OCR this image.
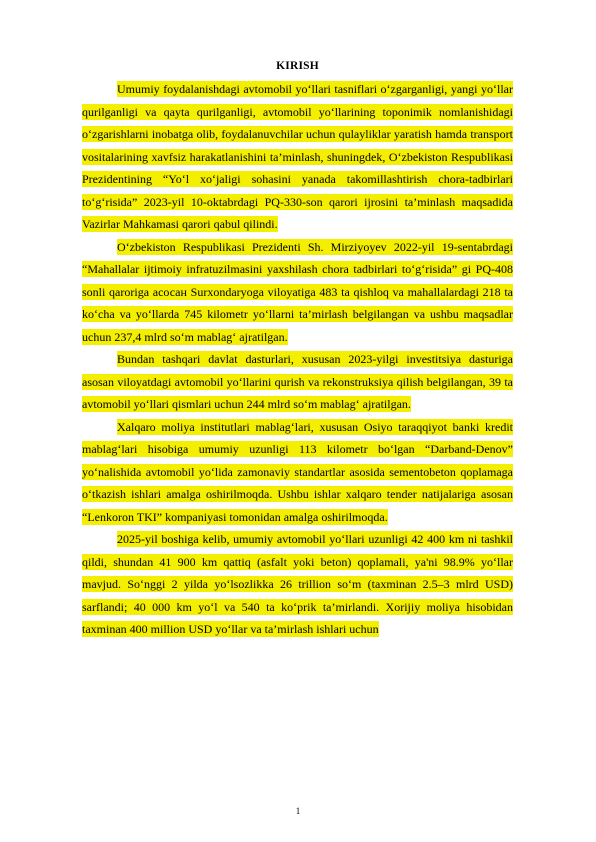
KIRISH

Umumiy foydalanishdagi avtomobil yo‘llari tasniflari o‘zgarganligi, yangi yo‘llar qurilganligi va qayta qurilganligi, avtomobil yo‘llarining toponimik nomlanishidagi o‘zgarishlarni inobatga olib, foydalanuvchilar uchun qulayliklar yaratish hamda transport vositalarining xavfsiz harakatlanishini ta’minlash, shuningdek, O‘zbekiston Respublikasi Prezidentining “Yo‘l xo‘jaligi sohasini yanada takomillashtirish chora-tadbirlari to‘g‘risida” 2023-yil 10-oktabrdagi PQ-330-son qarori ijrosini ta’minlash maqsadida Vazirlar Mahkamasi qarori qabul qilindi.

O‘zbekiston Respublikasi Prezidenti Sh. Mirziyoyev 2022-yil 19-sentabrdagi “Mahallalar ijtimoiy infratuzilmasini yaxshilash chora tadbirlari to‘g‘risida” gi PQ-408 sonli qaroriga асосан Surxondaryoga viloyatiga 483 ta qishloq va mahallalardagi 218 ta ko‘cha va yo‘llarda 745 kilometr yo‘llarni ta’mirlash belgilangan va ushbu maqsadlar uchun 237,4 mlrd so‘m mablag‘ ajratilgan.

Bundan tashqari davlat dasturlari, xususan 2023-yilgi investitsiya dasturiga asosan viloyatdagi avtomobil yo‘llarini qurish va rekonstruksiya qilish belgilangan, 39 ta avtomobil yo‘llari qismlari uchun 244 mlrd so‘m mablag‘ ajratilgan.

Xalqaro moliya institutlari mablag‘lari, xususan Osiyo taraqqiyot banki kredit mablag‘lari hisobiga umumiy uzunligi 113 kilometr bo‘lgan “Darband-Denov” yo‘nalishida avtomobil yo‘lida zamonaviy standartlar asosida sementobeton qoplamaga o‘tkazish ishlari amalga oshirilmoqda. Ushbu ishlar xalqaro tender natijalariga asosan “Lenkoron TKI” kompaniyasi tomonidan amalga oshirilmoqda.

2025-yil boshiga kelib, umumiy avtomobil yo‘llari uzunligi 42 400 km ni tashkil qildi, shundan 41 900 km qattiq (asfalt yoki beton) qoplamali, ya'ni 98.9% yo‘llar mavjud. So‘nggi 2 yilda yo‘lsozlikka 26 trillion so‘m (taxminan 2.5–3 mlrd USD) sarflandi; 40 000 km yo‘l va 540 ta ko‘prik ta’mirlandi. Xorijiy moliya hisobidan taxminan 400 million USD yo‘llar va ta’mirlash ishlari uchun

1
